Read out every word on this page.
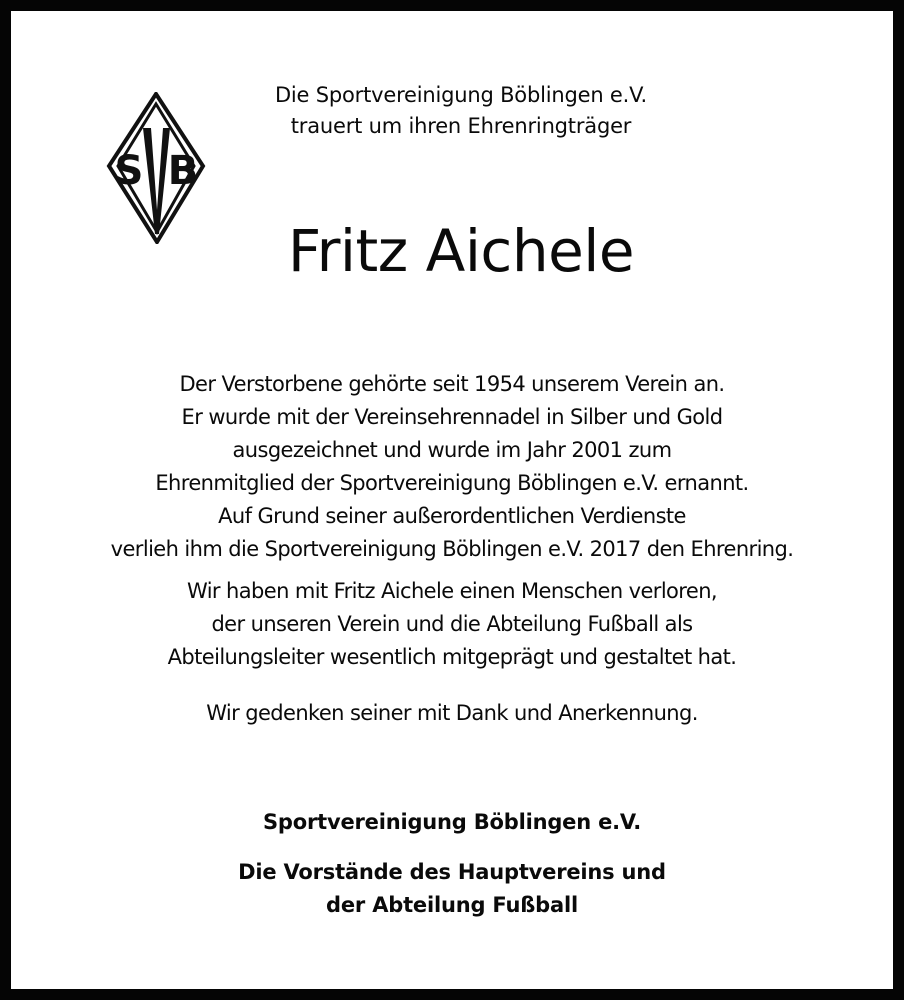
S B
Die Sportvereinigung Böblingen e.V.
trauert um ihren Ehrenringträger
Fritz Aichele
Der Verstorbene gehörte seit 1954 unserem Verein an.
Er wurde mit der Vereinsehrennadel in Silber und Gold
ausgezeichnet und wurde im Jahr 2001 zum
Ehrenmitglied der Sportvereinigung Böblingen e.V. ernannt.
Auf Grund seiner außerordentlichen Verdienste
verlieh ihm die Sportvereinigung Böblingen e.V. 2017 den Ehrenring.
Wir haben mit Fritz Aichele einen Menschen verloren,
der unseren Verein und die Abteilung Fußball als
Abteilungsleiter wesentlich mitgeprägt und gestaltet hat.
Wir gedenken seiner mit Dank und Anerkennung.
Sportvereinigung Böblingen e.V.
Die Vorstände des Hauptvereins und
der Abteilung Fußball
